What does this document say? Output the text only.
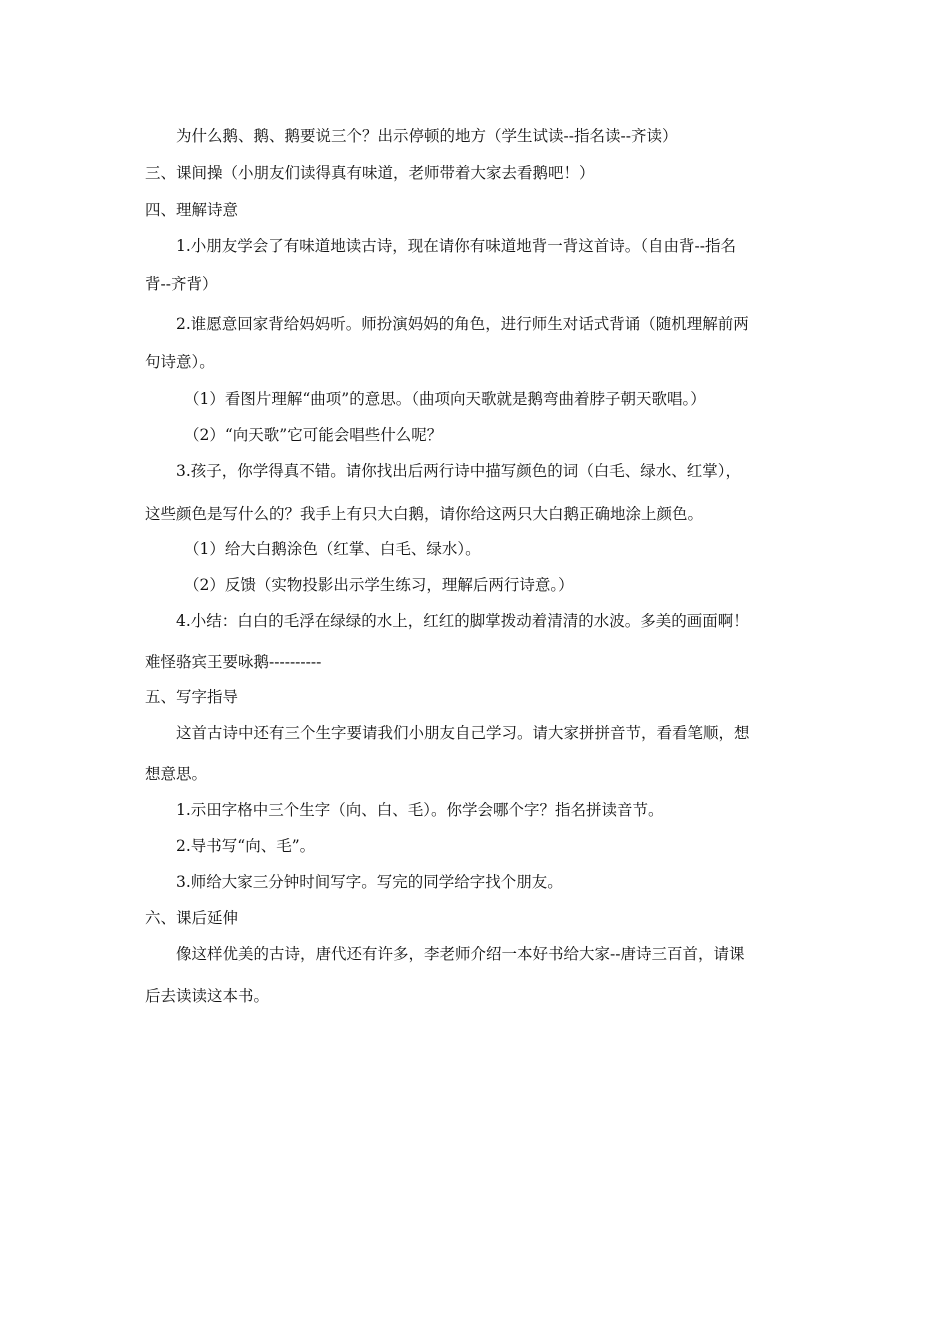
为什么鹅、鹅、鹅要说三个？出示停顿的地方（学生试读--指名读--齐读）
三、课间操（小朋友们读得真有味道，老师带着大家去看鹅吧！）
四、理解诗意
1.小朋友学会了有味道地读古诗，现在请你有味道地背一背这首诗。（自由背--指名
背--齐背）
2.谁愿意回家背给妈妈听。师扮演妈妈的角色，进行师生对话式背诵（随机理解前两
句诗意）。
（1）看图片理解“曲项”的意思。（曲项向天歌就是鹅弯曲着脖子朝天歌唱。）
（2）“向天歌”它可能会唱些什么呢？
3.孩子，你学得真不错。请你找出后两行诗中描写颜色的词（白毛、绿水、红掌），
这些颜色是写什么的？我手上有只大白鹅，请你给这两只大白鹅正确地涂上颜色。
（1）给大白鹅涂色（红掌、白毛、绿水）。
（2）反馈（实物投影出示学生练习，理解后两行诗意。）
4.小结：白白的毛浮在绿绿的水上，红红的脚掌拨动着清清的水波。多美的画面啊！
难怪骆宾王要咏鹅----------
五、写字指导
这首古诗中还有三个生字要请我们小朋友自己学习。请大家拼拼音节，看看笔顺，想
想意思。
1.示田字格中三个生字（向、白、毛）。你学会哪个字？指名拼读音节。
2.导书写“向、毛”。
3.师给大家三分钟时间写字。写完的同学给字找个朋友。
六、课后延伸
像这样优美的古诗，唐代还有许多，李老师介绍一本好书给大家--唐诗三百首，请课
后去读读这本书。
